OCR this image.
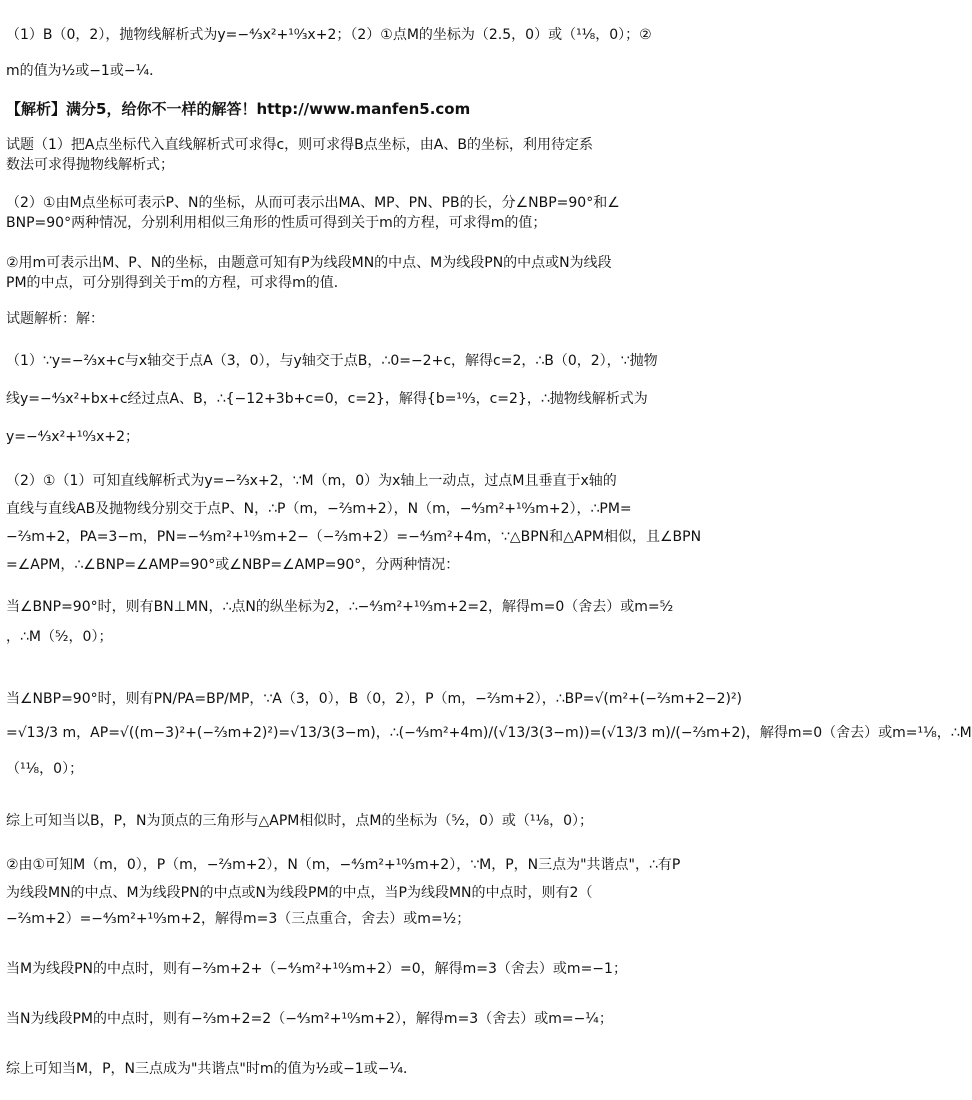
（1）B（0，2），抛物线解析式为y=−⁴⁄₃x²+¹⁰⁄₃x+2；（2）①点M的坐标为（2.5，0）或（¹¹⁄₈，0）；②
m的值为½或−1或−¼．
【解析】满分5，给你不一样的解答！http://www.manfen5.com
试题（1）把A点坐标代入直线解析式可求得c，则可求得B点坐标，由A、B的坐标，利用待定系
数法可求得抛物线解析式；
（2）①由M点坐标可表示P、N的坐标，从而可表示出MA、MP、PN、PB的长，分∠NBP=90°和∠
BNP=90°两种情况，分别利用相似三角形的性质可得到关于m的方程，可求得m的值；
②用m可表示出M、P、N的坐标，由题意可知有P为线段MN的中点、M为线段PN的中点或N为线段
PM的中点，可分别得到关于m的方程，可求得m的值．
试题解析：解：
（1）∵y=−⅔x+c与x轴交于点A（3，0），与y轴交于点B，∴0=−2+c，解得c=2，∴B（0，2），∵抛物
线y=−⁴⁄₃x²+bx+c经过点A、B，∴{−12+3b+c=0，c=2}，解得{b=¹⁰⁄₃，c=2}，∴抛物线解析式为
y=−⁴⁄₃x²+¹⁰⁄₃x+2；
（2）①（1）可知直线解析式为y=−⅔x+2，∵M（m，0）为x轴上一动点，过点M且垂直于x轴的
直线与直线AB及抛物线分别交于点P、N，∴P（m，−⅔m+2），N（m，−⁴⁄₃m²+¹⁰⁄₃m+2），∴PM=
−⅔m+2，PA=3−m，PN=−⁴⁄₃m²+¹⁰⁄₃m+2−（−⅔m+2）=−⁴⁄₃m²+4m，∵△BPN和△APM相似，且∠BPN
=∠APM，∴∠BNP=∠AMP=90°或∠NBP=∠AMP=90°，分两种情况：
当∠BNP=90°时，则有BN⊥MN，∴点N的纵坐标为2，∴−⁴⁄₃m²+¹⁰⁄₃m+2=2，解得m=0（舍去）或m=⁵⁄₂
，∴M（⁵⁄₂，0）；
当∠NBP=90°时，则有PN/PA=BP/MP，∵A（3，0），B（0，2），P（m，−⅔m+2），∴BP=√(m²+(−⅔m+2−2)²)
=√13/3 m，AP=√((m−3)²+(−⅔m+2)²)=√13/3(3−m)，∴(−⁴⁄₃m²+4m)/(√13/3(3−m))=(√13/3 m)/(−⅔m+2)，解得m=0（舍去）或m=¹¹⁄₈，∴M
（¹¹⁄₈，0）；
综上可知当以B，P，N为顶点的三角形与△APM相似时，点M的坐标为（⁵⁄₂，0）或（¹¹⁄₈，0）；
②由①可知M（m，0），P（m，−⅔m+2），N（m，−⁴⁄₃m²+¹⁰⁄₃m+2），∵M，P，N三点为"共谐点"，∴有P
为线段MN的中点、M为线段PN的中点或N为线段PM的中点，当P为线段MN的中点时，则有2（
−⅔m+2）=−⁴⁄₃m²+¹⁰⁄₃m+2，解得m=3（三点重合，舍去）或m=½；
当M为线段PN的中点时，则有−⅔m+2+（−⁴⁄₃m²+¹⁰⁄₃m+2）=0，解得m=3（舍去）或m=−1；
当N为线段PM的中点时，则有−⅔m+2=2（−⁴⁄₃m²+¹⁰⁄₃m+2），解得m=3（舍去）或m=−¼；
综上可知当M，P，N三点成为"共谐点"时m的值为½或−1或−¼．
